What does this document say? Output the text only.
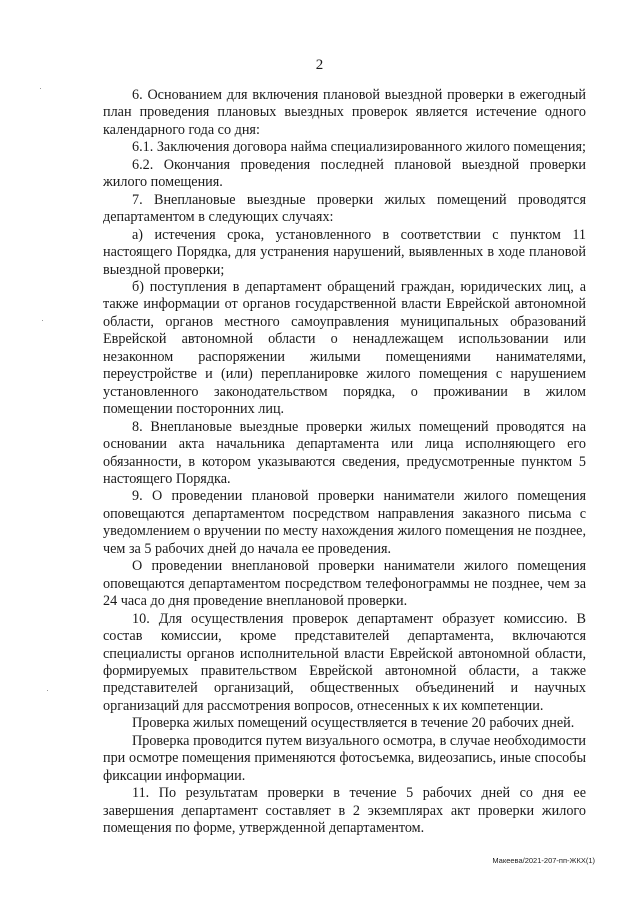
2

6. Основанием для включения плановой выездной проверки в ежегодный план проведения плановых выездных проверок является истечение одного календарного года со дня:

6.1. Заключения договора найма специализированного жилого помещения;

6.2. Окончания проведения последней плановой выездной проверки жилого помещения.

7. Внеплановые выездные проверки жилых помещений проводятся департаментом в следующих случаях:

а) истечения срока, установленного в соответствии с пунктом 11 настоящего Порядка, для устранения нарушений, выявленных в ходе плановой выездной проверки;

б) поступления в департамент обращений граждан, юридических лиц, а также информации от органов государственной власти Еврейской автономной области, органов местного самоуправления муниципальных образований Еврейской автономной области о ненадлежащем использовании или незаконном распоряжении жилыми помещениями нанимателями, переустройстве и (или) перепланировке жилого помещения с нарушением установленного законодательством порядка, о проживании в жилом помещении посторонних лиц.

8. Внеплановые выездные проверки жилых помещений проводятся на основании акта начальника департамента или лица исполняющего его обязанности, в котором указываются сведения, предусмотренные пунктом 5 настоящего Порядка.

9. О проведении плановой проверки наниматели жилого помещения оповещаются департаментом посредством направления заказного письма с уведомлением о вручении по месту нахождения жилого помещения не позднее, чем за 5 рабочих дней до начала ее проведения.

О проведении внеплановой проверки наниматели жилого помещения оповещаются департаментом посредством телефонограммы не позднее, чем за 24 часа до дня проведение внеплановой проверки.

10. Для осуществления проверок департамент образует комиссию. В состав комиссии, кроме представителей департамента, включаются специалисты органов исполнительной власти Еврейской автономной области, формируемых правительством Еврейской автономной области, а также представителей организаций, общественных объединений и научных организаций для рассмотрения вопросов, отнесенных к их компетенции.

Проверка жилых помещений осуществляется в течение 20 рабочих дней.

Проверка проводится путем визуального осмотра, в случае необходимости при осмотре помещения применяются фотосъемка, видеозапись, иные способы фиксации информации.

11. По результатам проверки в течение 5 рабочих дней со дня ее завершения департамент составляет в 2 экземплярах акт проверки жилого помещения по форме, утвержденной департаментом.

Макеева/2021-207-пп-ЖКХ(1)
